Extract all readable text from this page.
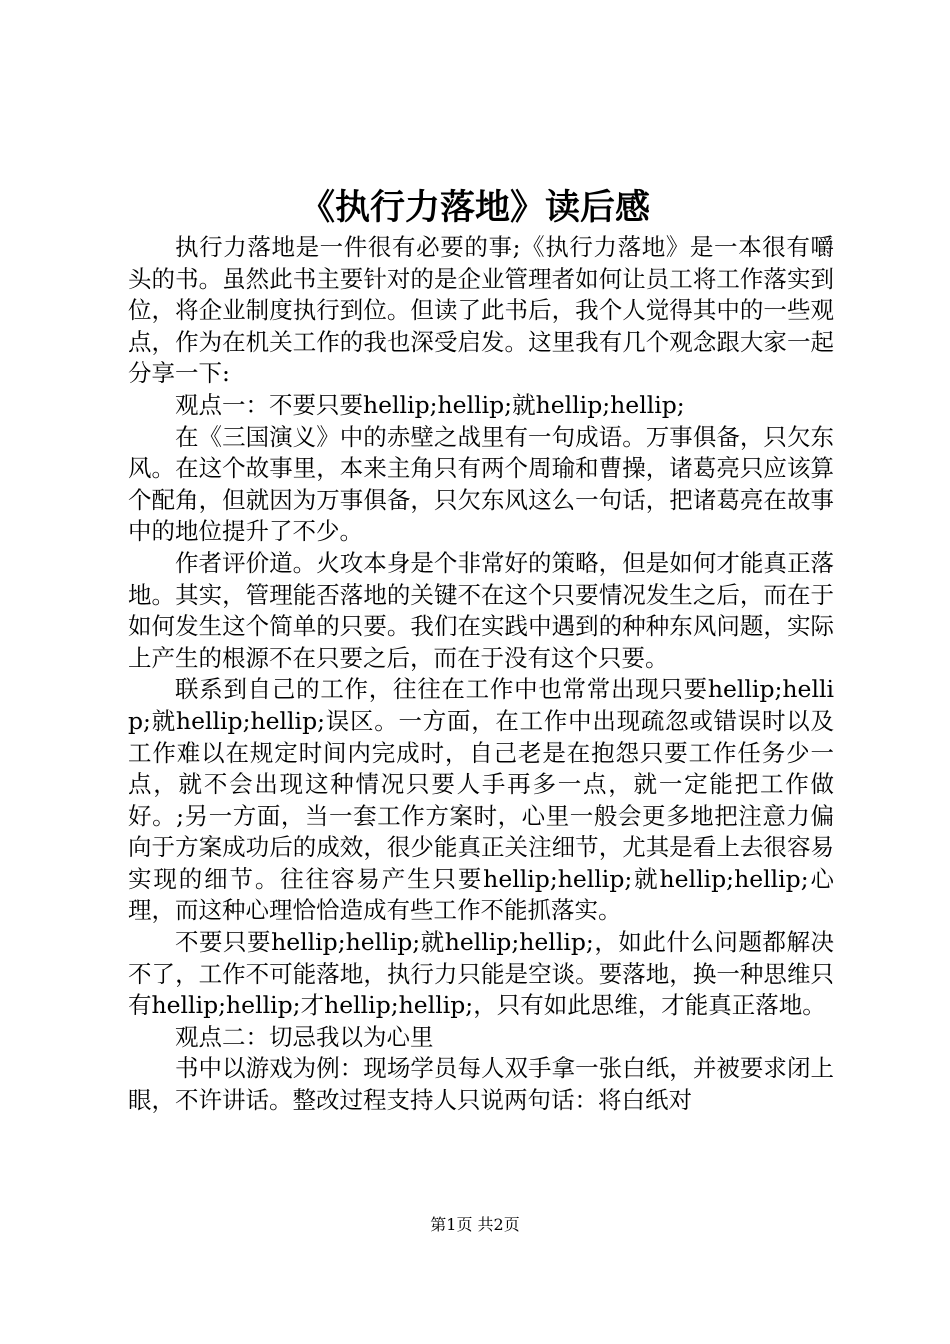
《执行力落地》读后感

执行力落地是一件很有必要的事;《执行力落地》是一本很有嚼头的书。虽然此书主要针对的是企业管理者如何让员工将工作落实到位，将企业制度执行到位。但读了此书后，我个人觉得其中的一些观点，作为在机关工作的我也深受启发。这里我有几个观念跟大家一起分享一下:

观点一：不要只要hellip;hellip;就hellip;hellip;

在《三国演义》中的赤壁之战里有一句成语。万事俱备，只欠东风。在这个故事里，本来主角只有两个周瑜和曹操，诸葛亮只应该算个配角，但就因为万事俱备，只欠东风这么一句话，把诸葛亮在故事中的地位提升了不少。

作者评价道。火攻本身是个非常好的策略，但是如何才能真正落地。其实，管理能否落地的关键不在这个只要情况发生之后，而在于如何发生这个简单的只要。我们在实践中遇到的种种东风问题，实际上产生的根源不在只要之后，而在于没有这个只要。

联系到自己的工作，往往在工作中也常常出现只要hellip;hellip;就hellip;hellip;误区。一方面，在工作中出现疏忽或错误时以及工作难以在规定时间内完成时，自己老是在抱怨只要工作任务少一点，就不会出现这种情况只要人手再多一点，就一定能把工作做好。;另一方面，当一套工作方案时，心里一般会更多地把注意力偏向于方案成功后的成效，很少能真正关注细节，尤其是看上去很容易实现的细节。往往容易产生只要hellip;hellip;就hellip;hellip;心理，而这种心理恰恰造成有些工作不能抓落实。

不要只要hellip;hellip;就hellip;hellip;，如此什么问题都解决不了，工作不可能落地，执行力只能是空谈。要落地，换一种思维只有hellip;hellip;才hellip;hellip;，只有如此思维，才能真正落地。

观点二：切忌我以为心里

书中以游戏为例：现场学员每人双手拿一张白纸，并被要求闭上眼，不许讲话。整改过程支持人只说两句话：将白纸对

第1页 共2页
